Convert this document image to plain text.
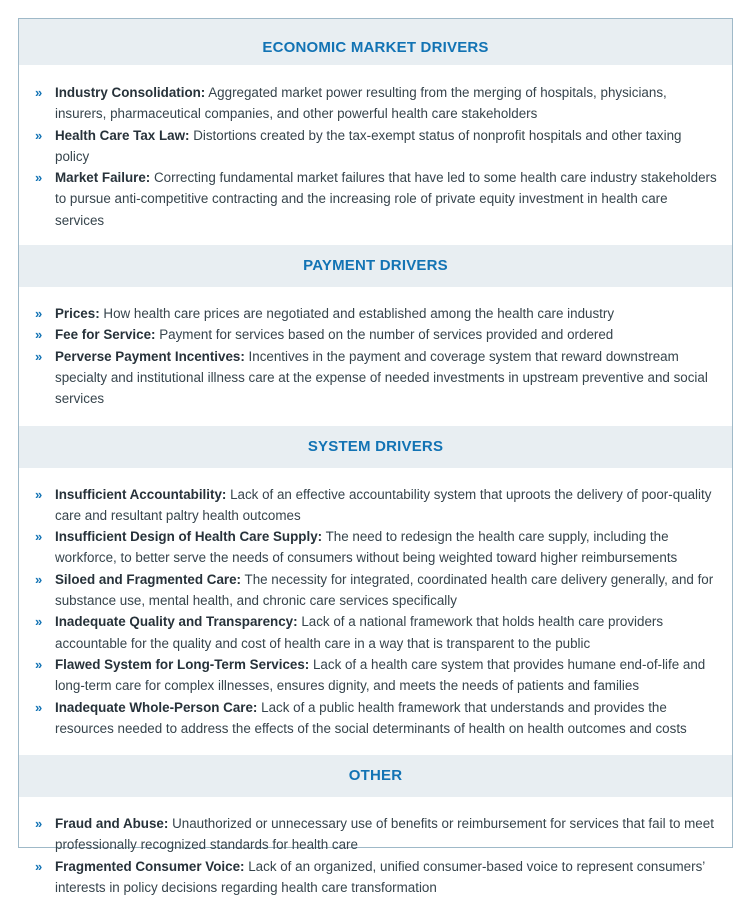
ECONOMIC MARKET DRIVERS
» Industry Consolidation: Aggregated market power resulting from the merging of hospitals, physicians, insurers, pharmaceutical companies, and other powerful health care stakeholders
» Health Care Tax Law: Distortions created by the tax-exempt status of nonprofit hospitals and other taxing policy
» Market Failure: Correcting fundamental market failures that have led to some health care industry stakeholders to pursue anti-competitive contracting and the increasing role of private equity investment in health care services
PAYMENT DRIVERS
» Prices: How health care prices are negotiated and established among the health care industry
» Fee for Service: Payment for services based on the number of services provided and ordered
» Perverse Payment Incentives: Incentives in the payment and coverage system that reward downstream specialty and institutional illness care at the expense of needed investments in upstream preventive and social services
SYSTEM DRIVERS
» Insufficient Accountability: Lack of an effective accountability system that uproots the delivery of poor-quality care and resultant paltry health outcomes
» Insufficient Design of Health Care Supply: The need to redesign the health care supply, including the workforce, to better serve the needs of consumers without being weighted toward higher reimbursements
» Siloed and Fragmented Care: The necessity for integrated, coordinated health care delivery generally, and for substance use, mental health, and chronic care services specifically
» Inadequate Quality and Transparency: Lack of a national framework that holds health care providers accountable for the quality and cost of health care in a way that is transparent to the public
» Flawed System for Long-Term Services: Lack of a health care system that provides humane end-of-life and long-term care for complex illnesses, ensures dignity, and meets the needs of patients and families
» Inadequate Whole-Person Care: Lack of a public health framework that understands and provides the resources needed to address the effects of the social determinants of health on health outcomes and costs
OTHER
» Fraud and Abuse: Unauthorized or unnecessary use of benefits or reimbursement for services that fail to meet professionally recognized standards for health care
» Fragmented Consumer Voice: Lack of an organized, unified consumer-based voice to represent consumers’ interests in policy decisions regarding health care transformation
